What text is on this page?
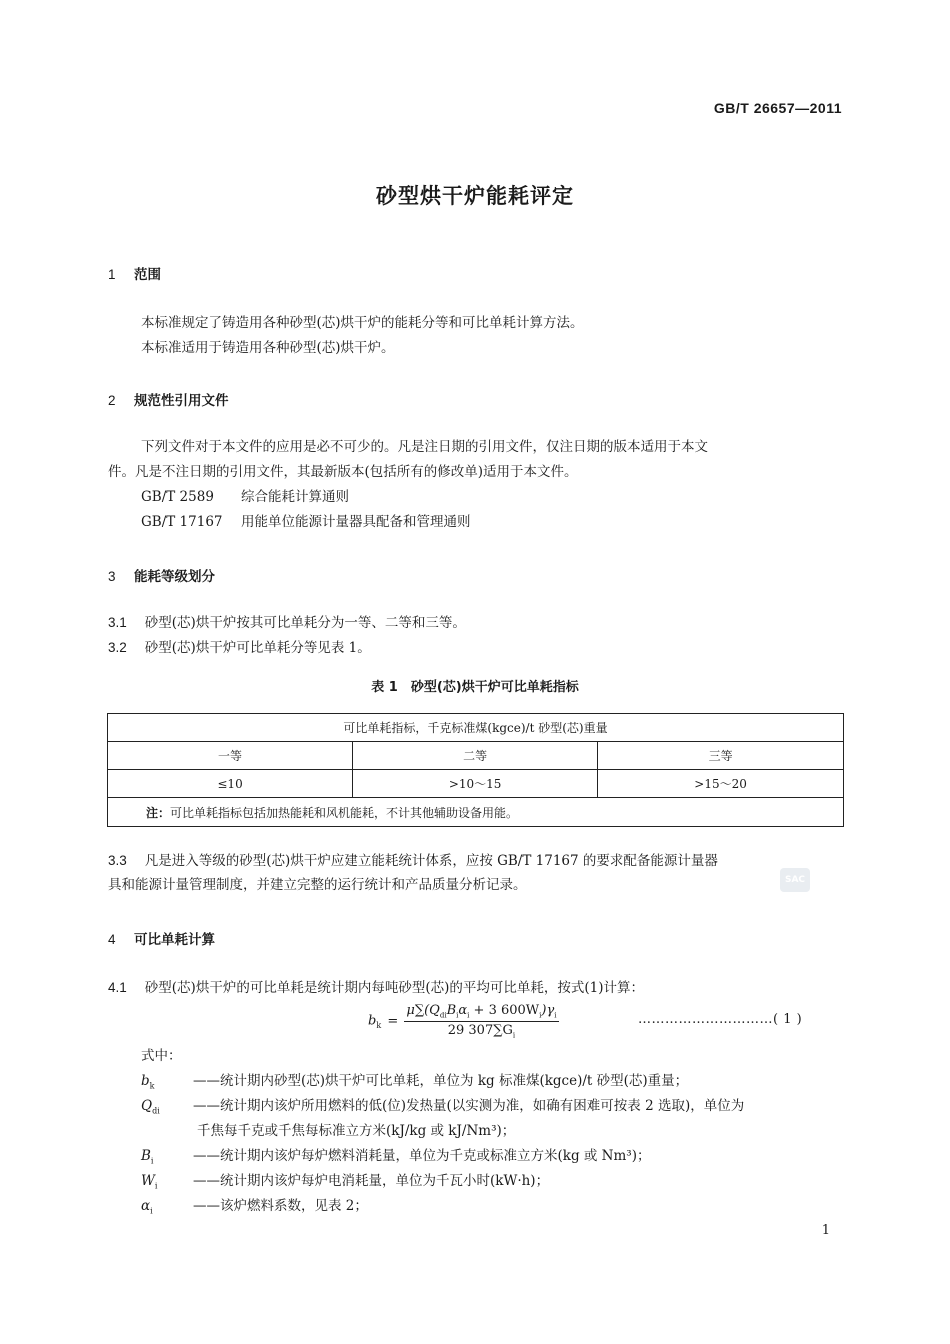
GB/T 26657—2011
砂型烘干炉能耗评定
1 范围
本标准规定了铸造用各种砂型(芯)烘干炉的能耗分等和可比单耗计算方法。
本标准适用于铸造用各种砂型(芯)烘干炉。
2 规范性引用文件
下列文件对于本文件的应用是必不可少的。凡是注日期的引用文件，仅注日期的版本适用于本文
件。凡是不注日期的引用文件，其最新版本(包括所有的修改单)适用于本文件。
GB/T 2589 综合能耗计算通则
GB/T 17167 用能单位能源计量器具配备和管理通则
3 能耗等级划分
3.1 砂型(芯)烘干炉按其可比单耗分为一等、二等和三等。
3.2 砂型(芯)烘干炉可比单耗分等见表 1。
表 1　砂型(芯)烘干炉可比单耗指标
可比单耗指标，千克标准煤(kgce)/t 砂型(芯)重量		
一等	二等	三等
≤10	>10～15	>15～20
注：可比单耗指标包括加热能耗和风机能耗，不计其他辅助设备用能。		
3.3 凡是进入等级的砂型(芯)烘干炉应建立能耗统计体系，应按 GB/T 17167 的要求配备能源计量器
具和能源计量管理制度，并建立完整的运行统计和产品质量分析记录。	SAC
4 可比单耗计算
4.1 砂型(芯)烘干炉的可比单耗是统计期内每吨砂型(芯)的平均可比单耗，按式(1)计算：
$b_k = \frac{\mu\sum(Q_{di}B_i\alpha_i + 3 600W_i)\gamma_i}{29 307\sum G_i}$	…………………………( 1 )
式中：
$b_k$	——统计期内砂型(芯)烘干炉可比单耗，单位为 kg 标准煤(kgce)/t 砂型(芯)重量；
$Q_{di}$ ——统计期内该炉所用燃料的低(位)发热量(以实测为准，如确有困难可按表 2 选取)，单位为
千焦每千克或千焦每标准立方米(kJ/kg 或 kJ/Nm³)；
$B_i$	——统计期内该炉每炉燃料消耗量，单位为千克或标准立方米(kg 或 Nm³)；
$W_i$	——统计期内该炉每炉电消耗量，单位为千瓦小时(kW·h)；
$\alpha_i$	——该炉燃料系数，见表 2；
1
